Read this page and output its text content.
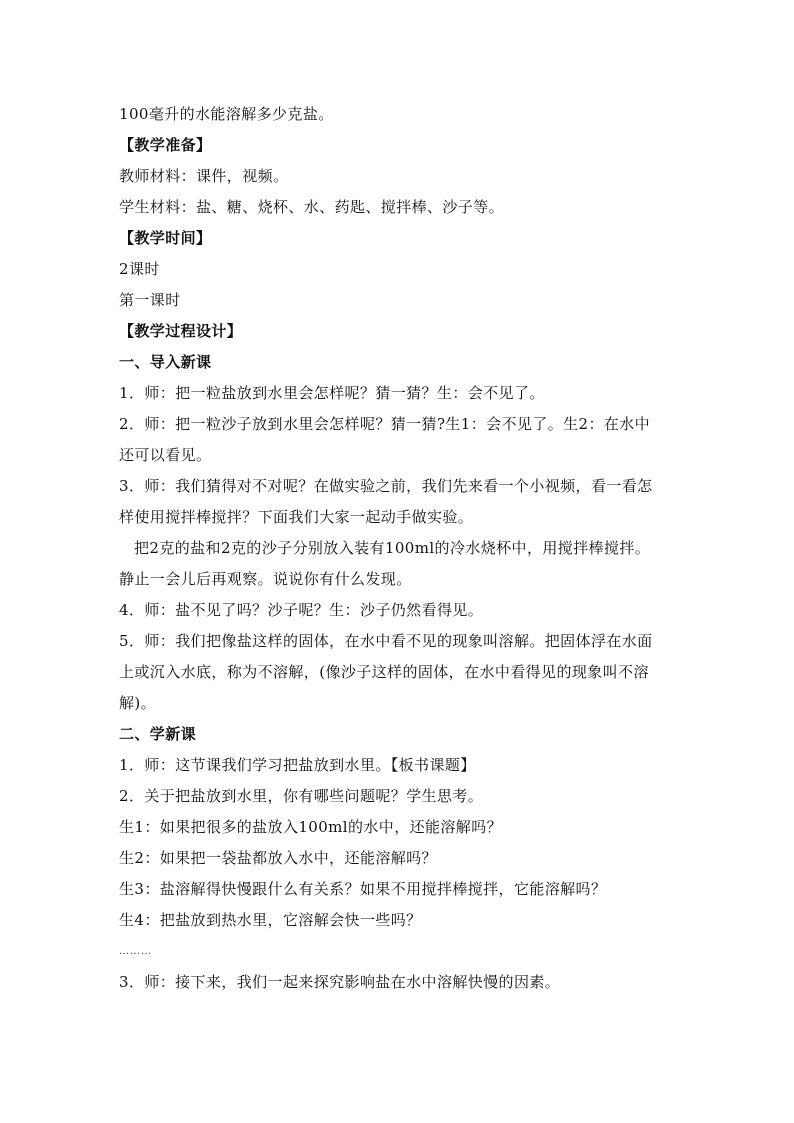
100毫升的水能溶解多少克盐。
【教学准备】
教师材料：课件，视频。
学生材料：盐、糖、烧杯、水、药匙、搅拌棒、沙子等。
【教学时间】
2课时
第一课时
【教学过程设计】
一、导入新课
1．师：把一粒盐放到水里会怎样呢？猜一猜？生：会不见了。
2．师：把一粒沙子放到水里会怎样呢？猜一猜?生1：会不见了。生2：在水中
还可以看见。
3．师：我们猜得对不对呢？在做实验之前，我们先来看一个小视频，看一看怎
样使用搅拌棒搅拌？下面我们大家一起动手做实验。
把2克的盐和2克的沙子分别放入装有100ml的冷水烧杯中，用搅拌棒搅拌。
静止一会儿后再观察。说说你有什么发现。
4．师：盐不见了吗？沙子呢？生：沙子仍然看得见。
5．师：我们把像盐这样的固体，在水中看不见的现象叫溶解。把固体浮在水面
上或沉入水底，称为不溶解，(像沙子这样的固体，在水中看得见的现象叫不溶
解)。
二、学新课
1．师：这节课我们学习把盐放到水里。【板书课题】
2．关于把盐放到水里，你有哪些问题呢？学生思考。
生1：如果把很多的盐放入100ml的水中，还能溶解吗？
生2：如果把一袋盐都放入水中，还能溶解吗？
生3：盐溶解得快慢跟什么有关系？如果不用搅拌棒搅拌，它能溶解吗？
生4：把盐放到热水里，它溶解会快一些吗？
………
3．师：接下来，我们一起来探究影响盐在水中溶解快慢的因素。
